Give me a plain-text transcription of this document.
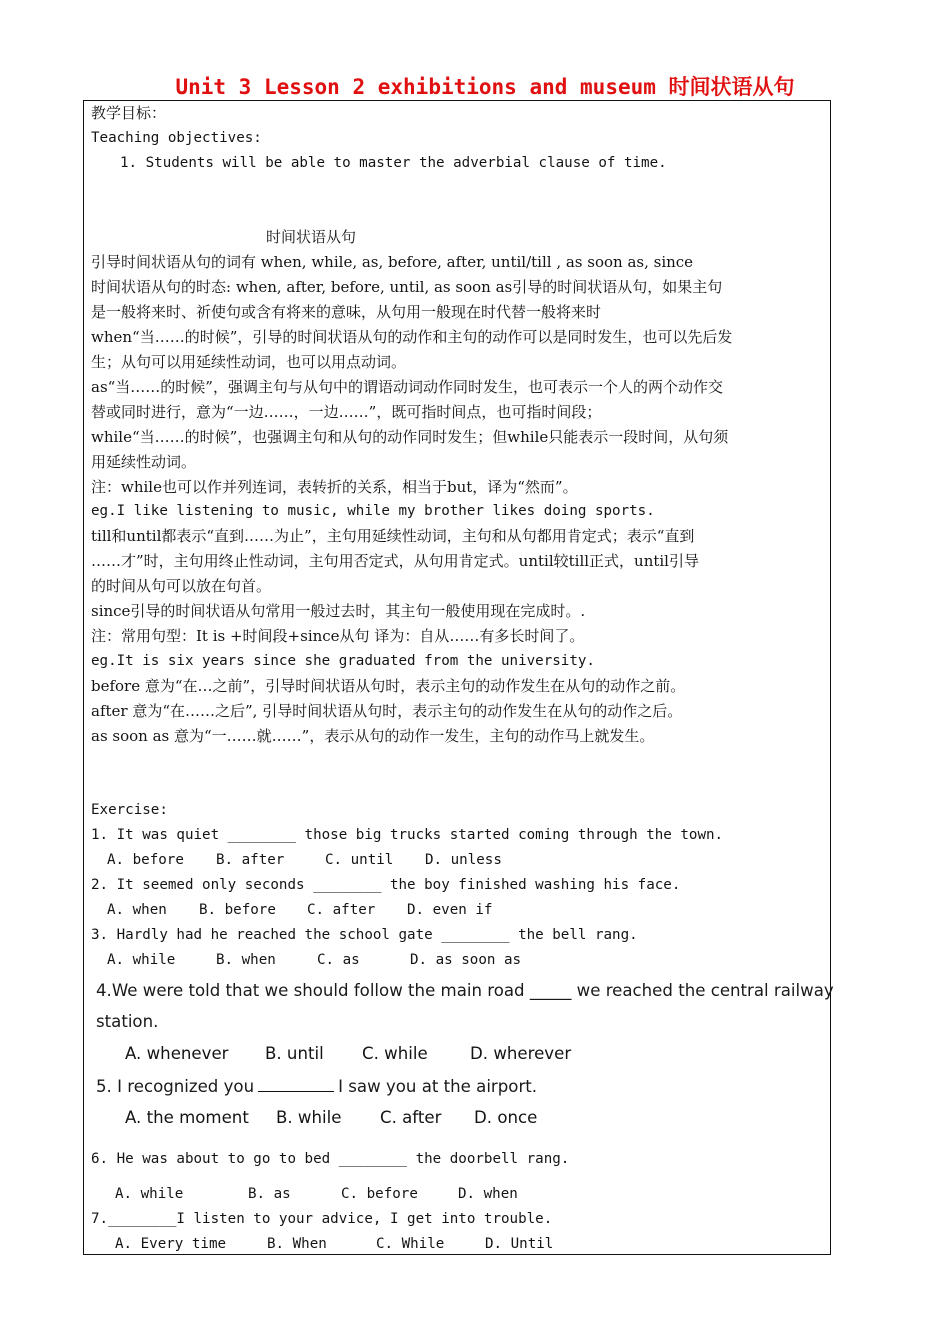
Unit 3 Lesson 2 exhibitions and museum 时间状语从句
教学目标：
Teaching objectives:
1. Students will be able to master the adverbial clause of time.
时间状语从句
引导时间状语从句的词有 when, while, as, before, after, until/till , as soon as, since
时间状语从句的时态: when, after, before, until, as soon as引导的时间状语从句，如果主句
是一般将来时、祈使句或含有将来的意味，从句用一般现在时代替一般将来时
when“当……的时候”，引导的时间状语从句的动作和主句的动作可以是同时发生，也可以先后发
生；从句可以用延续性动词，也可以用点动词。
as“当……的时候”，强调主句与从句中的谓语动词动作同时发生，也可表示一个人的两个动作交
替或同时进行，意为“一边……，一边……”，既可指时间点，也可指时间段；
while“当……的时候”，也强调主句和从句的动作同时发生；但while只能表示一段时间，从句须
用延续性动词。
注：while也可以作并列连词，表转折的关系，相当于but，译为“然而”。
eg.I like listening to music, while my brother likes doing sports.
till和until都表示“直到……为止”，主句用延续性动词，主句和从句都用肯定式；表示“直到
……才”时，主句用终止性动词，主句用否定式，从句用肯定式。until较till正式，until引导
的时间从句可以放在句首。
since引导的时间状语从句常用一般过去时，其主句一般使用现在完成时。.
注：常用句型：It is +时间段+since从句 译为：自从……有多长时间了。
eg.It is six years since she graduated from the university.
before 意为“在…之前”，引导时间状语从句时，表示主句的动作发生在从句的动作之前。
after 意为“在……之后”, 引导时间状语从句时，表示主句的动作发生在从句的动作之后。
as soon as 意为“一……就……”，表示从句的动作一发生，主句的动作马上就发生。
Exercise:
1. It was quiet ________ those big trucks started coming through the town.
A. before B. after	C. until D. unless
2. It seemed only seconds ________ the boy finished washing his face.
A. when B. before C. after D. even if
3. Hardly had he reached the school gate ________ the bell rang.
A. while	B. when	C. as	D. as soon as
4.We were told that we should follow the main road _____ we reached the central railway
station.
A. whenever B. until C. while	D. wherever
5. I recognized you	I saw you at the airport.
A. the moment B. while C. after D. once
6. He was about to go to bed ________ the doorbell rang.
A. while	B. as	C. before	D. when
7.________I listen to your advice, I get into trouble.
A. Every time	B. When	C. While	D. Until
